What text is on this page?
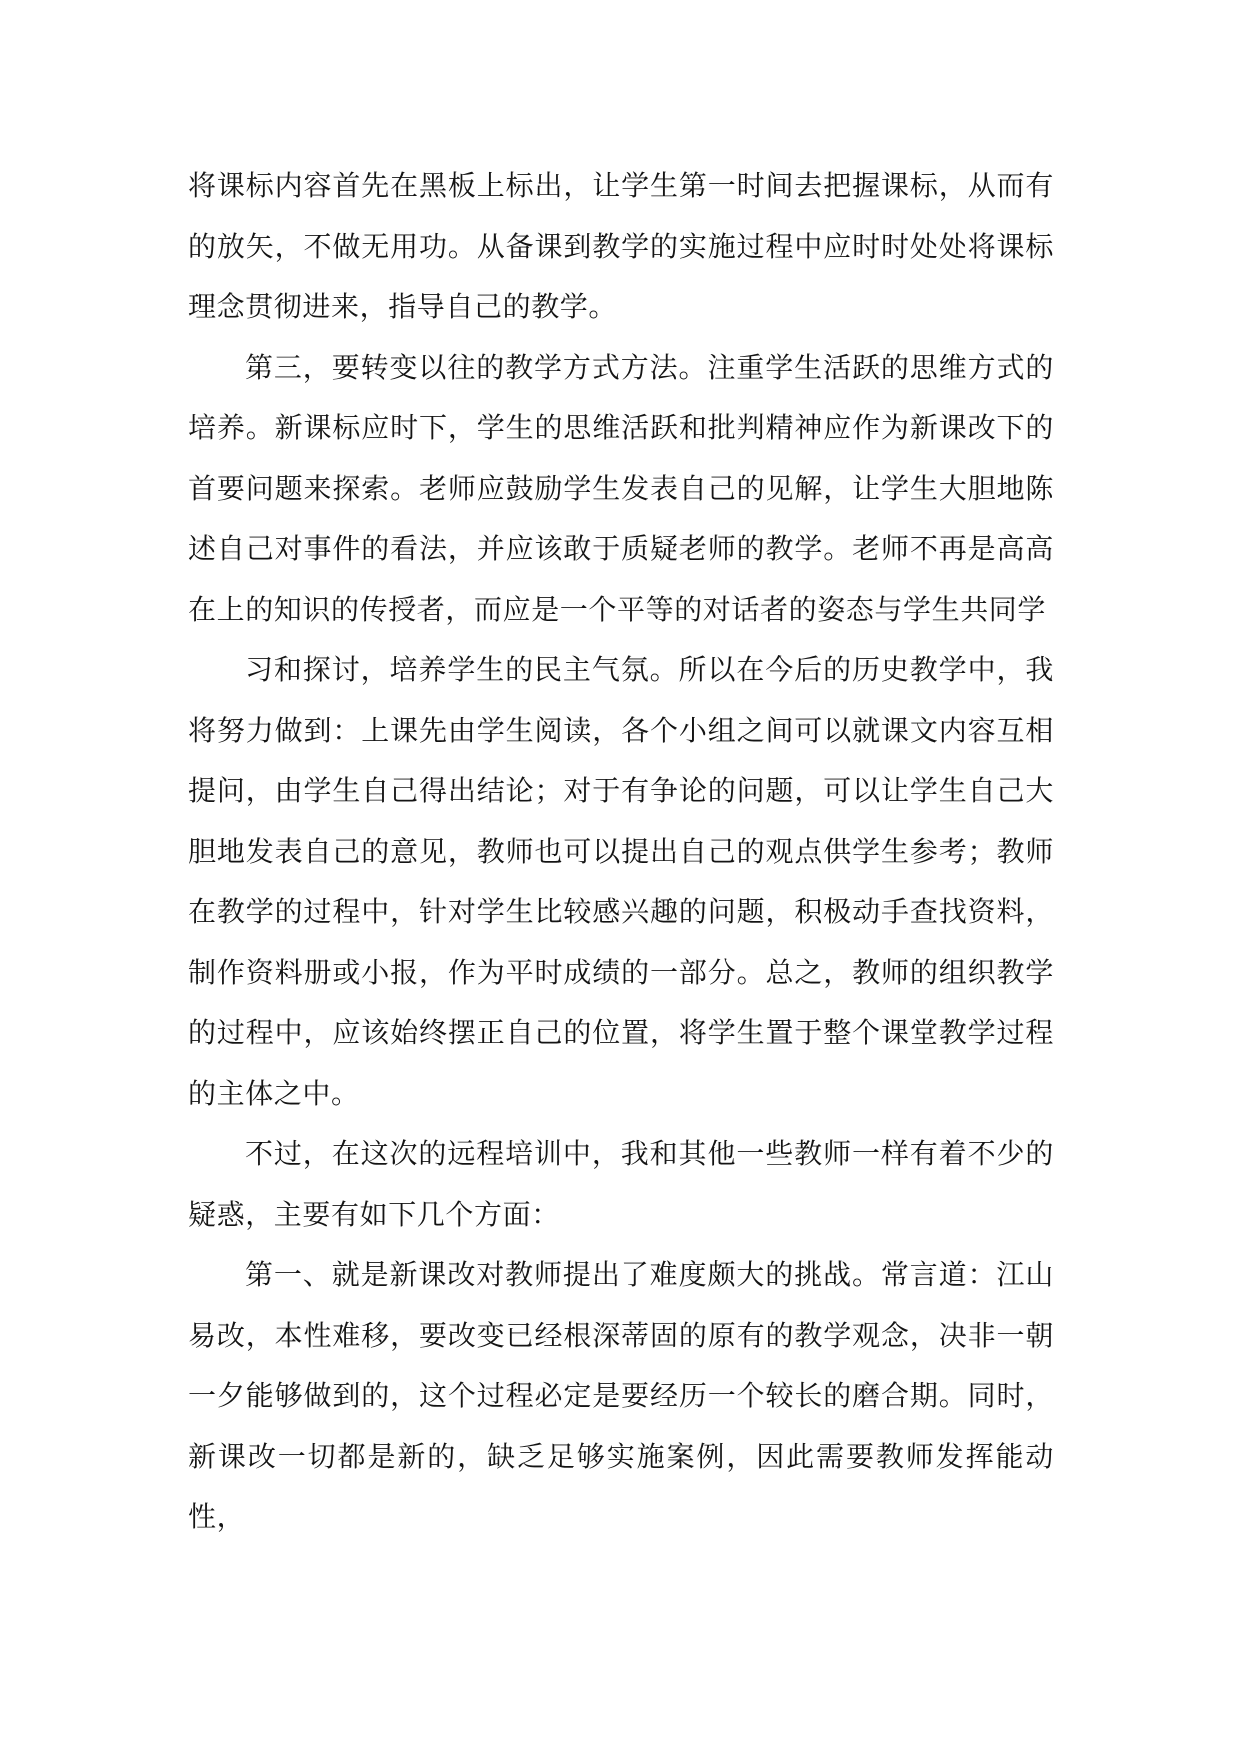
将课标内容首先在黑板上标出，让学生第一时间去把握课标，从而有的放矢，不做无用功。从备课到教学的实施过程中应时时处处将课标理念贯彻进来，指导自己的教学。

第三，要转变以往的教学方式方法。注重学生活跃的思维方式的培养。新课标应时下，学生的思维活跃和批判精神应作为新课改下的首要问题来探索。老师应鼓励学生发表自己的见解，让学生大胆地陈述自己对事件的看法，并应该敢于质疑老师的教学。老师不再是高高在上的知识的传授者，而应是一个平等的对话者的姿态与学生共同学

习和探讨，培养学生的民主气氛。所以在今后的历史教学中，我将努力做到：上课先由学生阅读，各个小组之间可以就课文内容互相提问，由学生自己得出结论；对于有争论的问题，可以让学生自己大胆地发表自己的意见，教师也可以提出自己的观点供学生参考；教师在教学的过程中，针对学生比较感兴趣的问题，积极动手查找资料，制作资料册或小报，作为平时成绩的一部分。总之，教师的组织教学的过程中，应该始终摆正自己的位置，将学生置于整个课堂教学过程的主体之中。

不过，在这次的远程培训中，我和其他一些教师一样有着不少的疑惑，主要有如下几个方面：

第一、就是新课改对教师提出了难度颇大的挑战。常言道：江山易改，本性难移，要改变已经根深蒂固的原有的教学观念，决非一朝一夕能够做到的，这个过程必定是要经历一个较长的磨合期。同时，新课改一切都是新的，缺乏足够实施案例，因此需要教师发挥能动性，
